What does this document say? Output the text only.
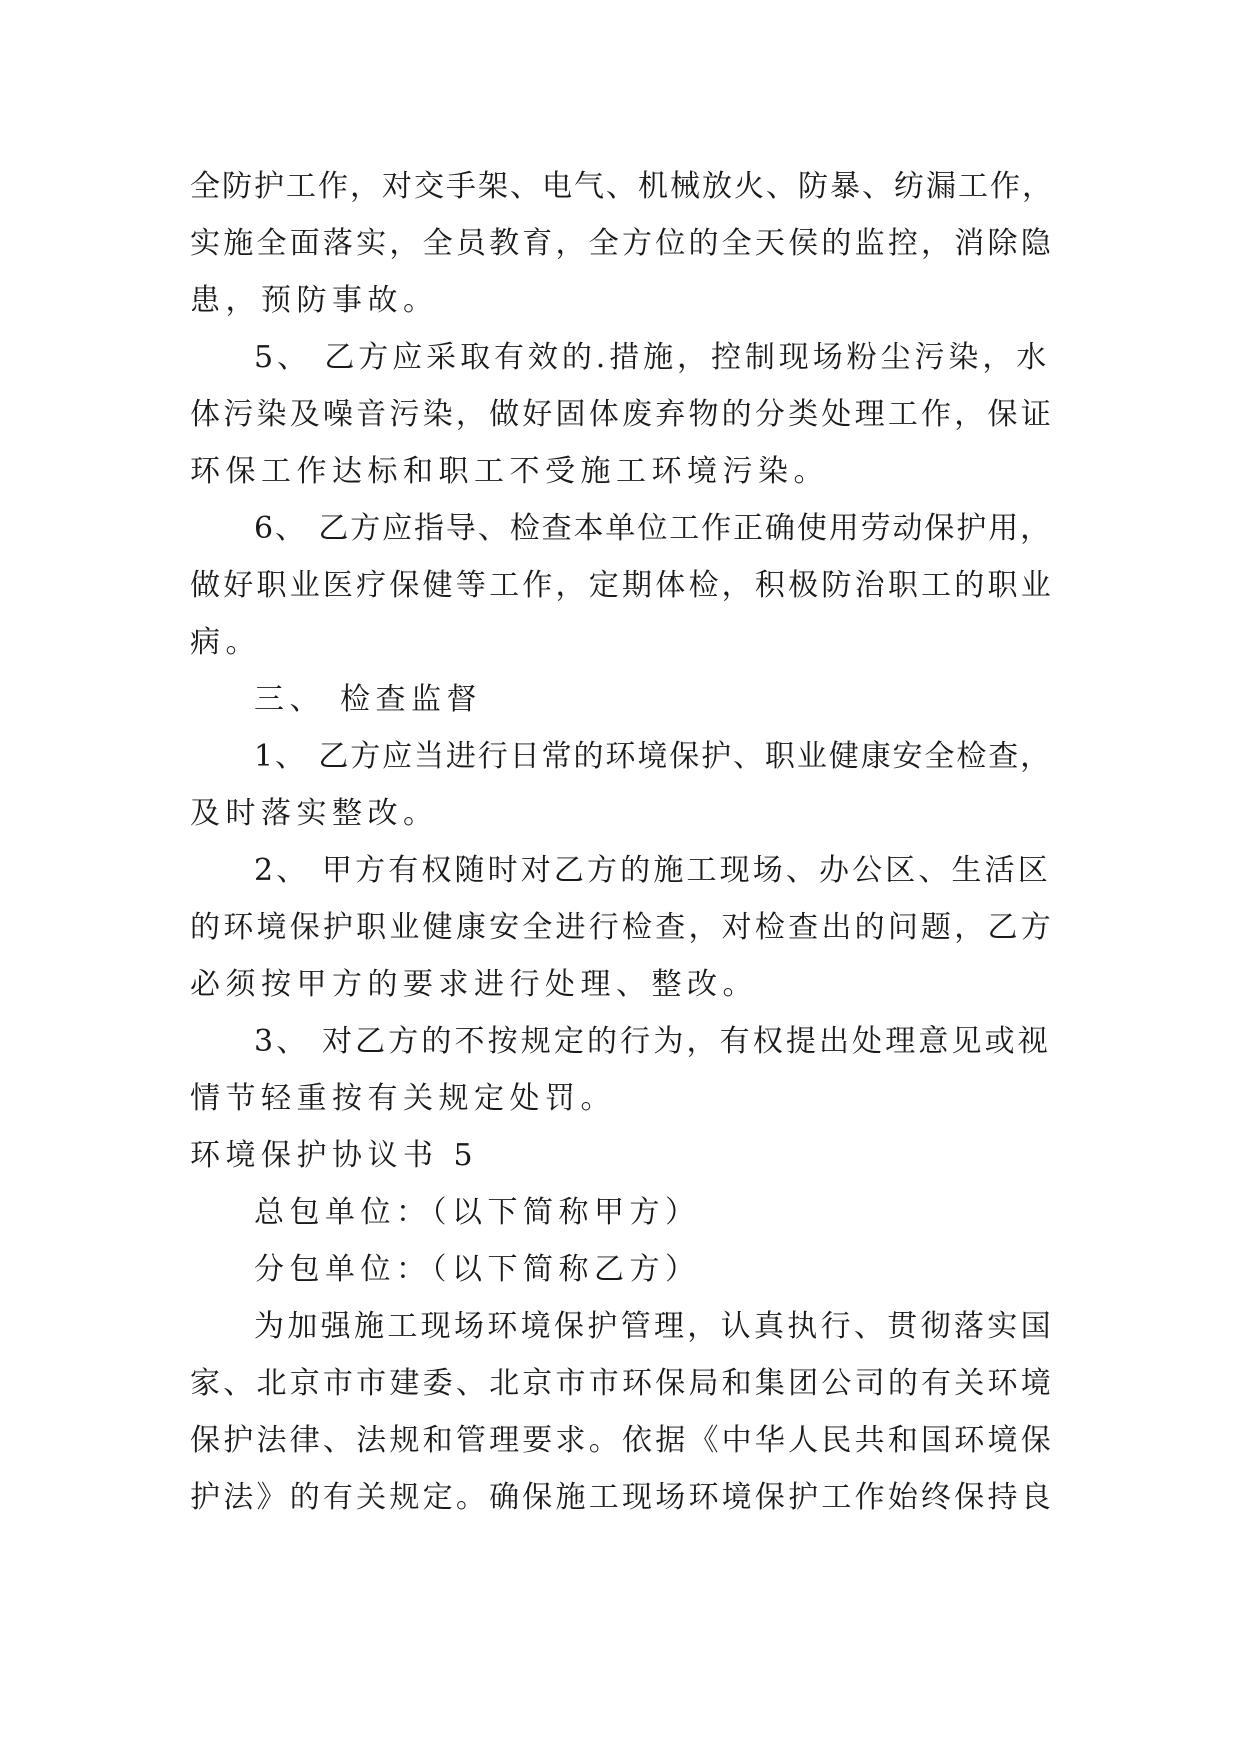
全防护工作，对交手架、电气、机械放火、防暴、纺漏工作，
实施全面落实，全员教育，全方位的全天侯的监控，消除隐
患，预防事故。
5、 乙方应采取有效的.措施，控制现场粉尘污染，水
体污染及噪音污染，做好固体废弃物的分类处理工作，保证
环保工作达标和职工不受施工环境污染。
6、 乙方应指导、检查本单位工作正确使用劳动保护用，
做好职业医疗保健等工作，定期体检，积极防治职工的职业
病。
三、 检查监督
1、 乙方应当进行日常的环境保护、职业健康安全检查，
及时落实整改。
2、 甲方有权随时对乙方的施工现场、办公区、生活区
的环境保护职业健康安全进行检查，对检查出的问题，乙方
必须按甲方的要求进行处理、整改。
3、 对乙方的不按规定的行为，有权提出处理意见或视
情节轻重按有关规定处罚。
环境保护协议书 5
总包单位：（以下简称甲方）
分包单位：（以下简称乙方）
为加强施工现场环境保护管理，认真执行、贯彻落实国
家、北京市市建委、北京市市环保局和集团公司的有关环境
保护法律、法规和管理要求。依据《中华人民共和国环境保
护法》的有关规定。确保施工现场环境保护工作始终保持良
